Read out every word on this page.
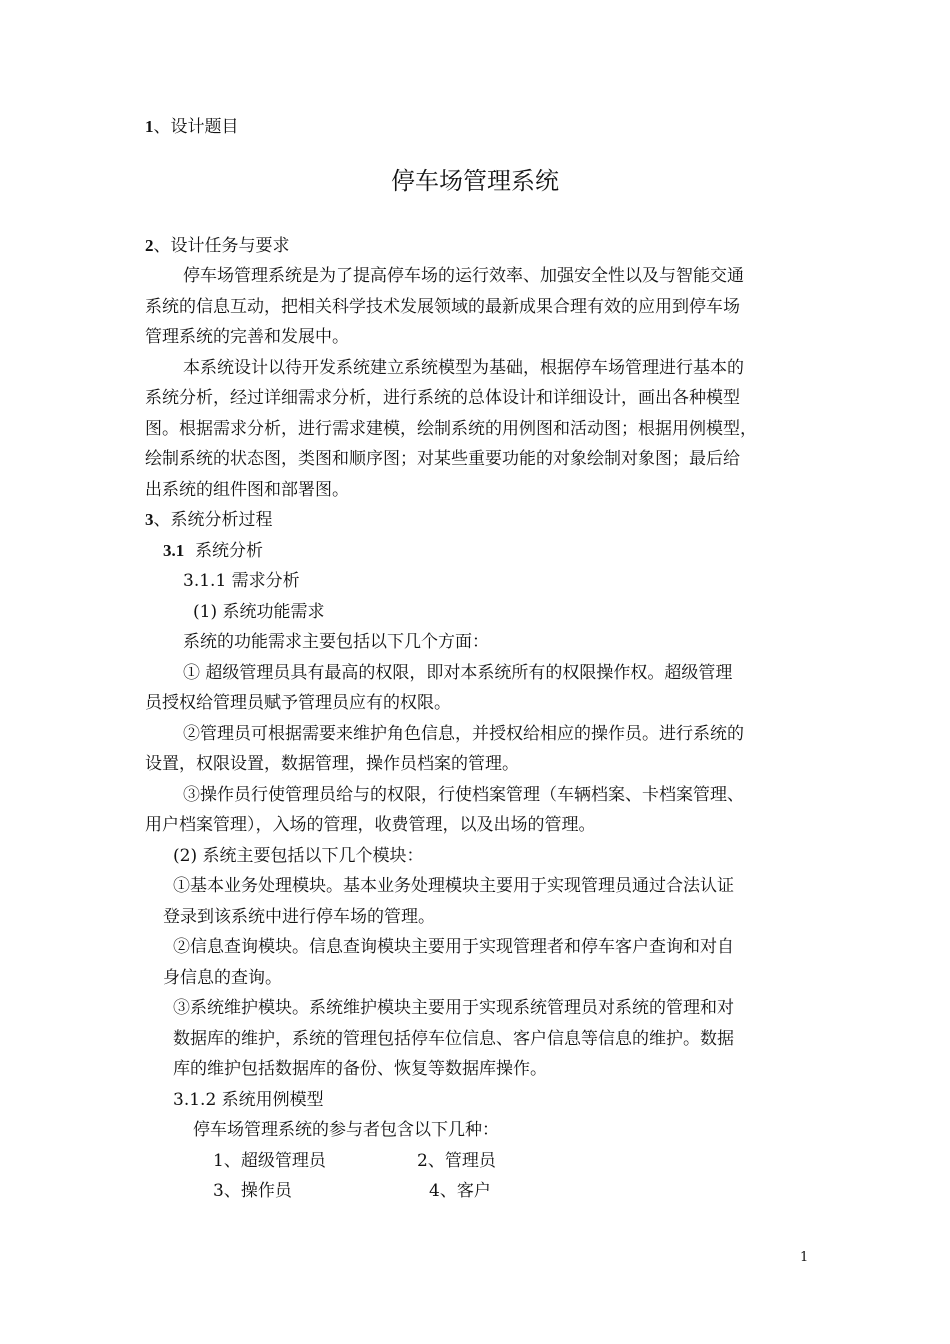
1、设计题目
停车场管理系统
2、设计任务与要求
停车场管理系统是为了提高停车场的运行效率、加强安全性以及与智能交通
系统的信息互动，把相关科学技术发展领域的最新成果合理有效的应用到停车场
管理系统的完善和发展中。
本系统设计以待开发系统建立系统模型为基础，根据停车场管理进行基本的
系统分析，经过详细需求分析，进行系统的总体设计和详细设计，画出各种模型
图。根据需求分析，进行需求建模，绘制系统的用例图和活动图；根据用例模型，
绘制系统的状态图，类图和顺序图；对某些重要功能的对象绘制对象图；最后给
出系统的组件图和部署图。
3、系统分析过程
3.1 系统分析
3.1.1 需求分析
(1) 系统功能需求
系统的功能需求主要包括以下几个方面：
① 超级管理员具有最高的权限，即对本系统所有的权限操作权。超级管理
员授权给管理员赋予管理员应有的权限。
②管理员可根据需要来维护角色信息，并授权给相应的操作员。进行系统的
设置，权限设置，数据管理，操作员档案的管理。
③操作员行使管理员给与的权限，行使档案管理（车辆档案、卡档案管理、
用户档案管理），入场的管理，收费管理，以及出场的管理。
(2) 系统主要包括以下几个模块：
①基本业务处理模块。基本业务处理模块主要用于实现管理员通过合法认证
登录到该系统中进行停车场的管理。
②信息查询模块。信息查询模块主要用于实现管理者和停车客户查询和对自
身信息的查询。
③系统维护模块。系统维护模块主要用于实现系统管理员对系统的管理和对
数据库的维护，系统的管理包括停车位信息、客户信息等信息的维护。数据
库的维护包括数据库的备份、恢复等数据库操作。
3.1.2 系统用例模型
停车场管理系统的参与者包含以下几种：
1、超级管理员	2、管理员
3、操作员	4、客户
1
